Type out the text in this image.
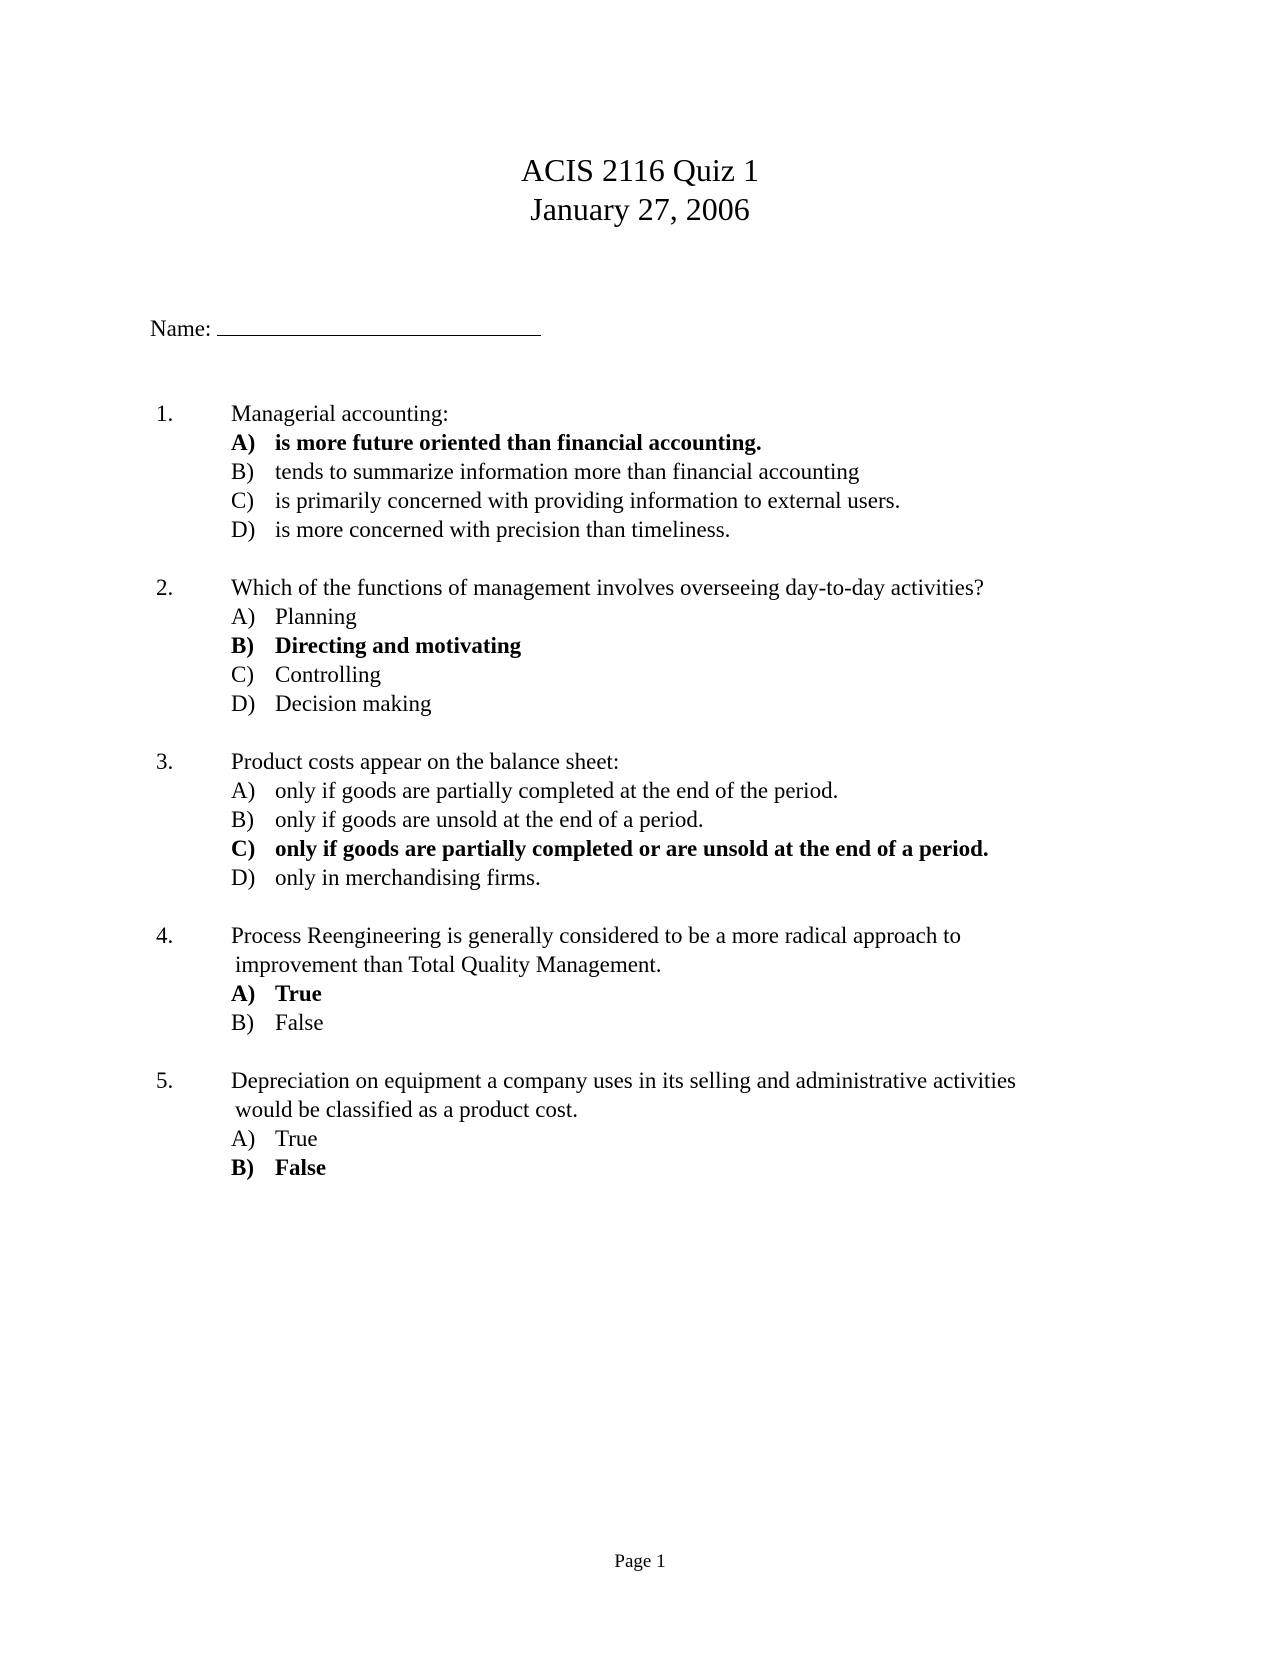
ACIS 2116 Quiz 1
January 27, 2006
Name:
1.	Managerial accounting:
A) is more future oriented than financial accounting.
B) tends to summarize information more than financial accounting
C) is primarily concerned with providing information to external users.
D) is more concerned with precision than timeliness.
2.	Which of the functions of management involves overseeing day-to-day activities?
A) Planning
B) Directing and motivating
C) Controlling
D) Decision making
3.	Product costs appear on the balance sheet:
A) only if goods are partially completed at the end of the period.
B) only if goods are unsold at the end of a period.
C) only if goods are partially completed or are unsold at the end of a period.
D) only in merchandising firms.
4.	Process Reengineering is generally considered to be a more radical approach to
improvement than Total Quality Management.
A) True
B) False
5.	Depreciation on equipment a company uses in its selling and administrative activities
would be classified as a product cost.
A) True
B) False
Page 1
